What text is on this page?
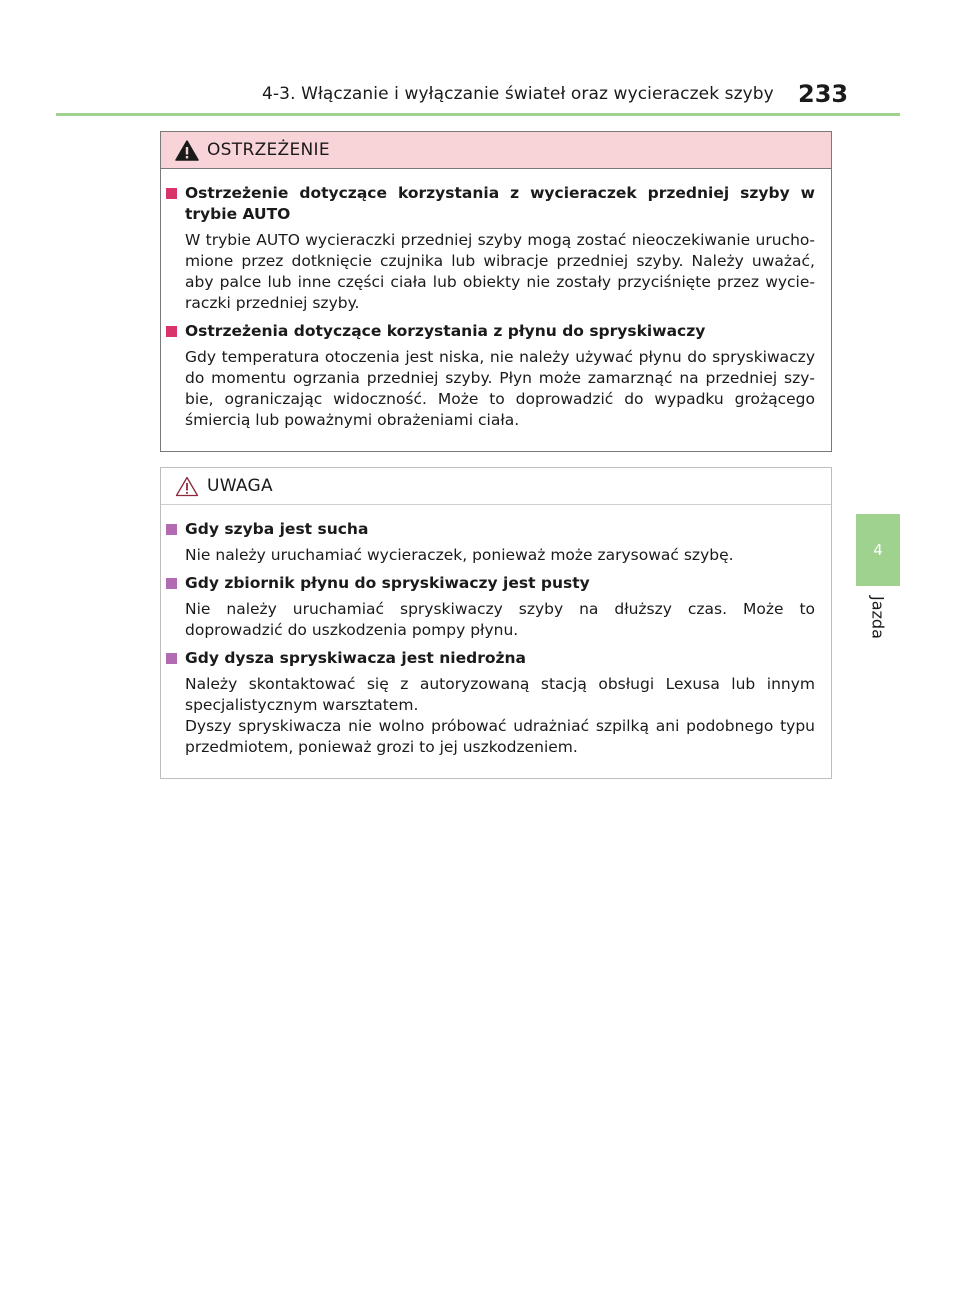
4-3. Włączanie i wyłączanie świateł oraz wycieraczek szyby 233
4
Jazda
OSTRZEŻENIE
Ostrzeżenie dotyczące korzystania z wycieraczek przedniej szyby w trybie AUTO
W trybie AUTO wycieraczki przedniej szyby mogą zostać nieoczekiwanie uruchomione przez dotknięcie czujnika lub wibracje przedniej szyby. Należy uważać, aby palce lub inne części ciała lub obiekty nie zostały przyciśnięte przez wycieraczki przedniej szyby.
Ostrzeżenia dotyczące korzystania z płynu do spryskiwaczy
Gdy temperatura otoczenia jest niska, nie należy używać płynu do spryskiwaczy do momentu ogrzania przedniej szyby. Płyn może zamarznąć na przedniej szybie, ograniczając widoczność. Może to doprowadzić do wypadku grożącego śmiercią lub poważnymi obrażeniami ciała.
UWAGA
Gdy szyba jest sucha

Nie należy uruchamiać wycieraczek, ponieważ może zarysować szybę.

Gdy zbiornik płynu do spryskiwaczy jest pusty

Nie należy uruchamiać spryskiwaczy szyby na dłuższy czas. Może to doprowadzić do uszkodzenia pompy płynu.

Gdy dysza spryskiwacza jest niedrożna

Należy skontaktować się z autoryzowaną stacją obsługi Lexusa lub innym specjalistycznym warsztatem.

Dyszy spryskiwacza nie wolno próbować udrażniać szpilką ani podobnego typu przedmiotem, ponieważ grozi to jej uszkodzeniem.
